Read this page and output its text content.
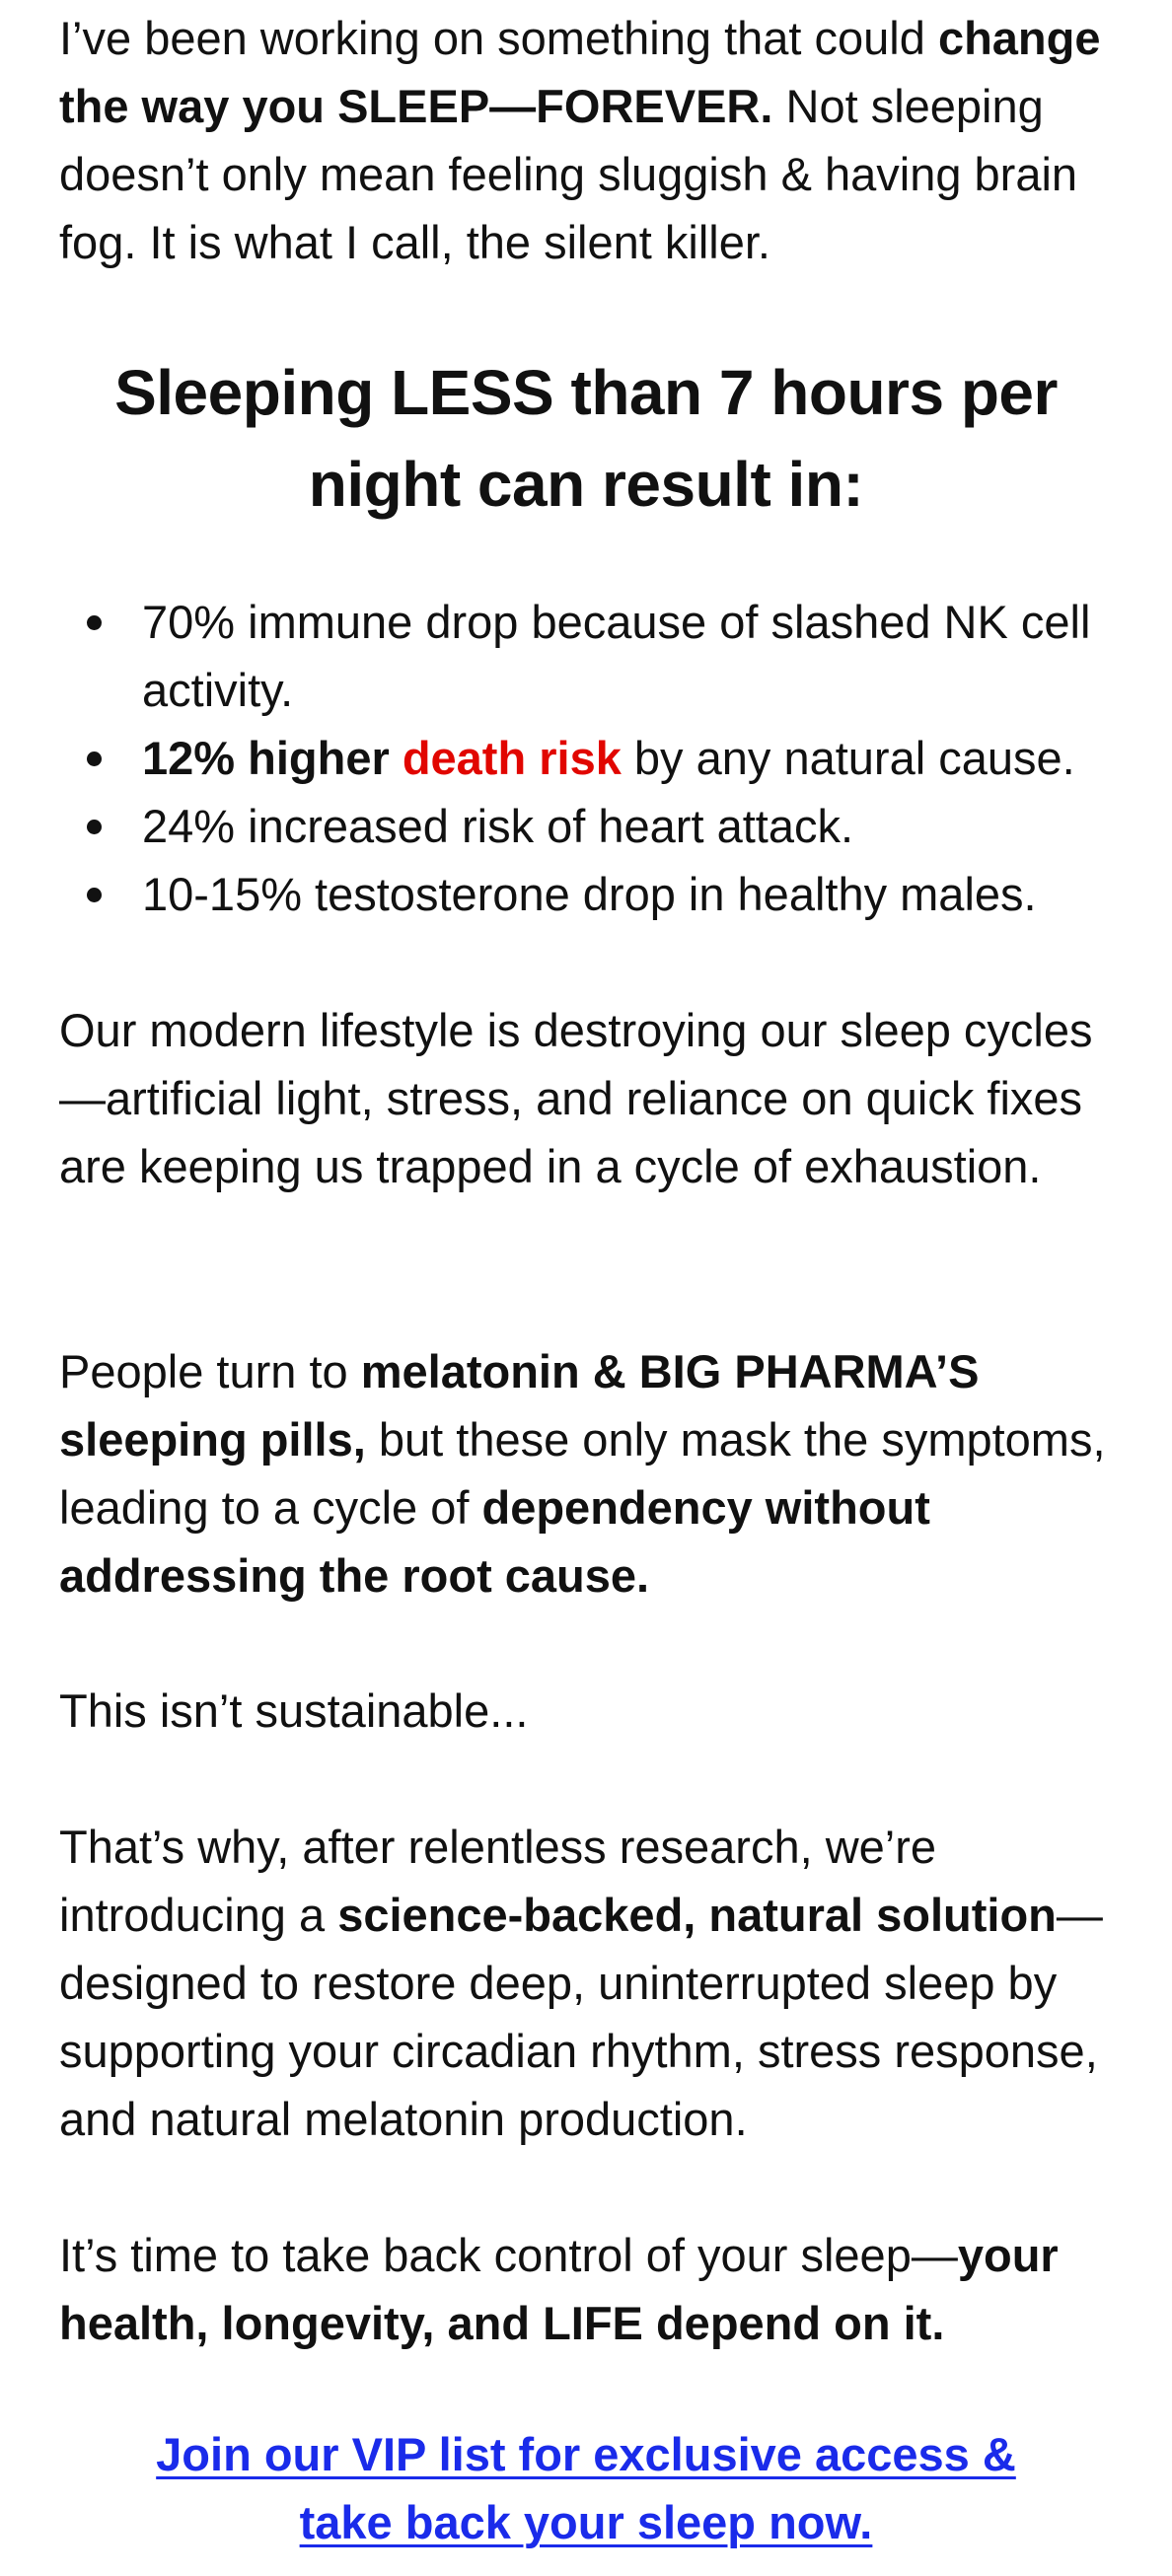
I’ve been working on something that could change the way you SLEEP—FOREVER. Not sleeping doesn’t only mean feeling sluggish & having brain fog. It is what I call, the silent killer.

Sleeping LESS than 7 hours per night can result in:
70% immune drop because of slashed NK cell activity.
12% higher death risk by any natural cause.
24% increased risk of heart attack.
10-15% testosterone drop in healthy males.

Our modern lifestyle is destroying our sleep cycles—artificial light, stress, and reliance on quick fixes are keeping us trapped in a cycle of exhaustion.

People turn to melatonin & BIG PHARMA’S sleeping pills, but these only mask the symptoms, leading to a cycle of dependency without addressing the root cause.

This isn’t sustainable...

That’s why, after relentless research, we’re introducing a science-backed, natural solution—designed to restore deep, uninterrupted sleep by supporting your circadian rhythm, stress response, and natural melatonin production.

It’s time to take back control of your sleep—your health, longevity, and LIFE depend on it.

Join our VIP list for exclusive access &
take back your sleep now.
